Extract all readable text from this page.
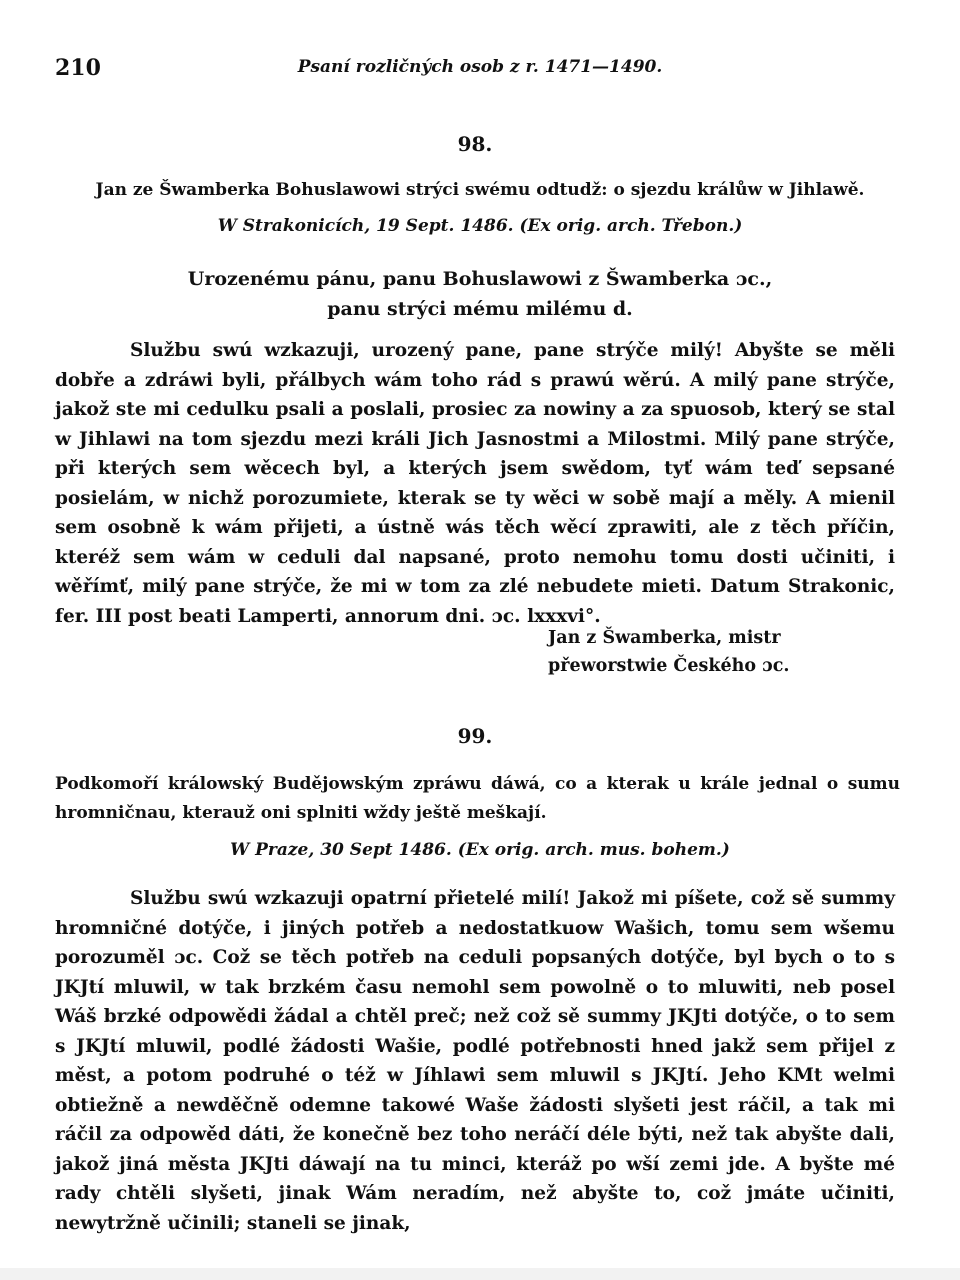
210	Psaní rozličných osob z r. 1471—1490.
98.
Jan ze Šwamberka Bohuslawowi strýci swému odtudž: o sjezdu králůw w Jihlawě.
W Strakonicích, 19 Sept. 1486. (Ex orig. arch. Třebon.)
Urozenému pánu, panu Bohuslawowi z Šwamberka ɔc., panu strýci mému milému d.

Službu swú wzkazuji, urozený pane, pane strýče milý! Abyšte se měli dobře a zdráwi byli, přálbych wám toho rád s prawú wěrú. A milý pane strýče, jakož ste mi cedulku psali a poslali, prosiec za nowiny a za spuosob, který se stal w Jihlawi na tom sjezdu mezi králi Jich Jasnostmi a Milostmi. Milý pane strýče, při kterých sem wěcech byl, a kterých jsem swědom, tyť wám teď sepsané posielám, w nichž porozumiete, kterak se ty wěci w sobě mají a měly. A mienil sem osobně k wám přijeti, a ústně wás těch wěcí zprawiti, ale z těch příčin, kteréž sem wám w ceduli dal napsané, proto nemohu tomu dosti učiniti, i wěřímť, milý pane strýče, že mi w tom za zlé nebudete mieti. Datum Strakonic, fer. III post beati Lamperti, annorum dni. ɔc. lxxxvi°.

Jan z Šwamberka, mistr přeworstwie Českého ɔc.
99.
Podkomoří králowský Budějowským zpráwu dáwá, co a kterak u krále jednal o sumu hromničnau, kterauž oni splniti wždy ještě meškají.
W Praze, 30 Sept 1486. (Ex orig. arch. mus. bohem.)

Službu swú wzkazuji opatrní přietelé milí! Jakož mi píšete, což sě summy hromničné dotýče, i jiných potřeb a nedostatkuow Wašich, tomu sem wšemu porozuměl ɔc. Což se těch potřeb na ceduli popsaných dotýče, byl bych o to s JKJtí mluwil, w tak brzkém času nemohl sem powolně o to mluwiti, neb posel Wáš brzké odpowědi žádal a chtěl preč; než což sě summy JKJti dotýče, o to sem s JKJtí mluwil, podlé žádosti Wašie, podlé potřebnosti hned jakž sem přijel z měst, a potom podruhé o též w Jíhlawi sem mluwil s JKJtí. Jeho KMt welmi obtiežně a newděčně odemne takowé Waše žádosti slyšeti jest ráčil, a tak mi ráčil za odpowěd dáti, že konečně bez toho neráčí déle býti, než tak abyšte dali, jakož jiná města JKJti dáwají na tu minci, kteráž po wší zemi jde. A byšte mé rady chtěli slyšeti, jinak Wám neradím, než abyšte to, což jmáte učiniti, newytržně učinili; staneli se jinak,
